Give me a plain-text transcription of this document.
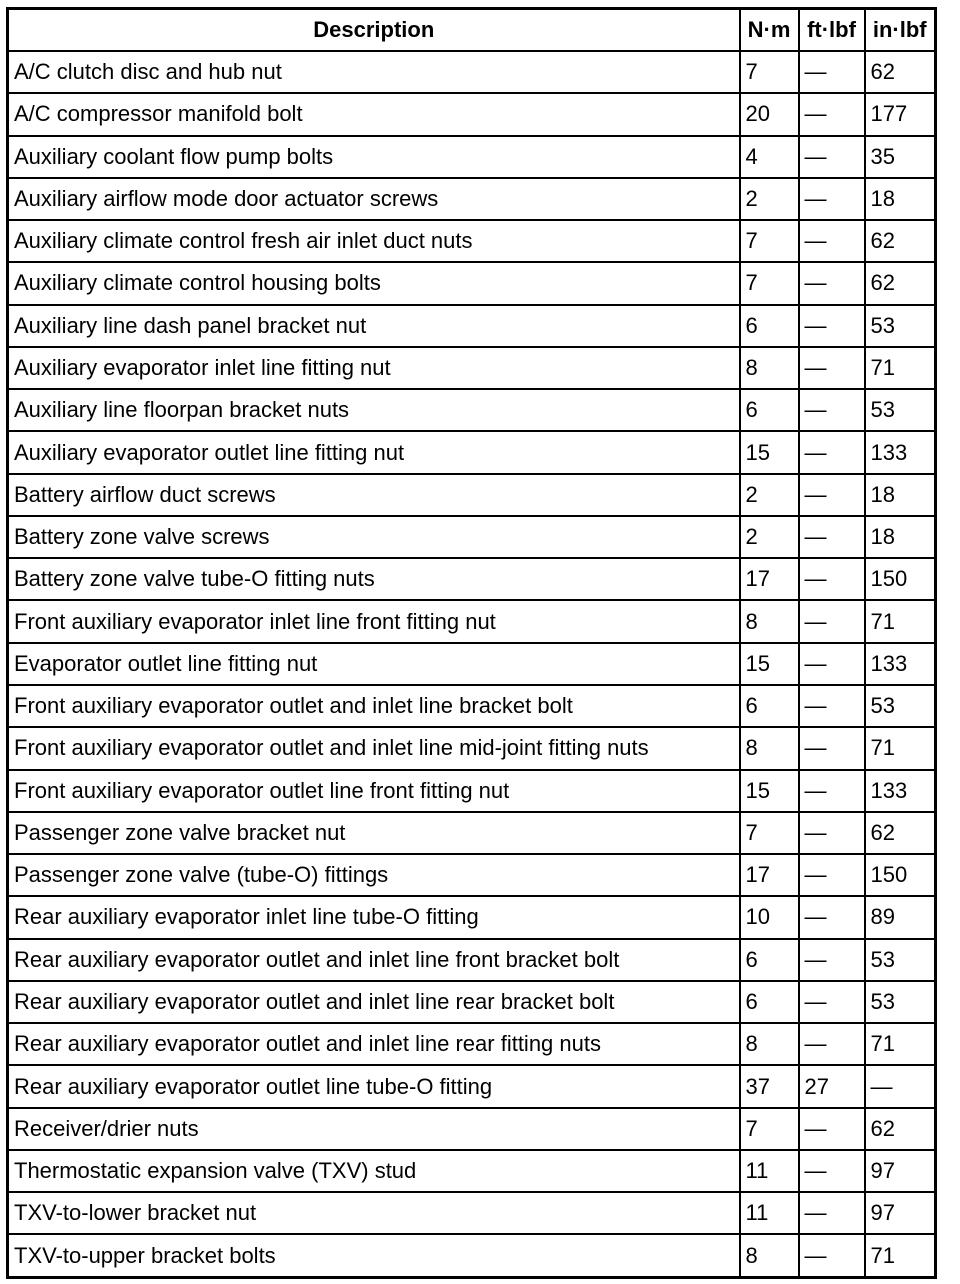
Description	N·m	ft·lbf	in·lbf
A/C clutch disc and hub nut	7	—	62
A/C compressor manifold bolt	20	—	177
Auxiliary coolant flow pump bolts	4	—	35
Auxiliary airflow mode door actuator screws	2	—	18
Auxiliary climate control fresh air inlet duct nuts	7	—	62
Auxiliary climate control housing bolts	7	—	62
Auxiliary line dash panel bracket nut	6	—	53
Auxiliary evaporator inlet line fitting nut	8	—	71
Auxiliary line floorpan bracket nuts	6	—	53
Auxiliary evaporator outlet line fitting nut	15	—	133
Battery airflow duct screws	2	—	18
Battery zone valve screws	2	—	18
Battery zone valve tube-O fitting nuts	17	—	150
Front auxiliary evaporator inlet line front fitting nut	8	—	71
Evaporator outlet line fitting nut	15	—	133
Front auxiliary evaporator outlet and inlet line bracket bolt	6	—	53
Front auxiliary evaporator outlet and inlet line mid-joint fitting nuts	8	—	71
Front auxiliary evaporator outlet line front fitting nut	15	—	133
Passenger zone valve bracket nut	7	—	62
Passenger zone valve (tube-O) fittings	17	—	150
Rear auxiliary evaporator inlet line tube-O fitting	10	—	89
Rear auxiliary evaporator outlet and inlet line front bracket bolt	6	—	53
Rear auxiliary evaporator outlet and inlet line rear bracket bolt	6	—	53
Rear auxiliary evaporator outlet and inlet line rear fitting nuts	8	—	71
Rear auxiliary evaporator outlet line tube-O fitting	37	27	—
Receiver/drier nuts	7	—	62
Thermostatic expansion valve (TXV) stud	11	—	97
TXV-to-lower bracket nut	11	—	97
TXV-to-upper bracket bolts	8	—	71
